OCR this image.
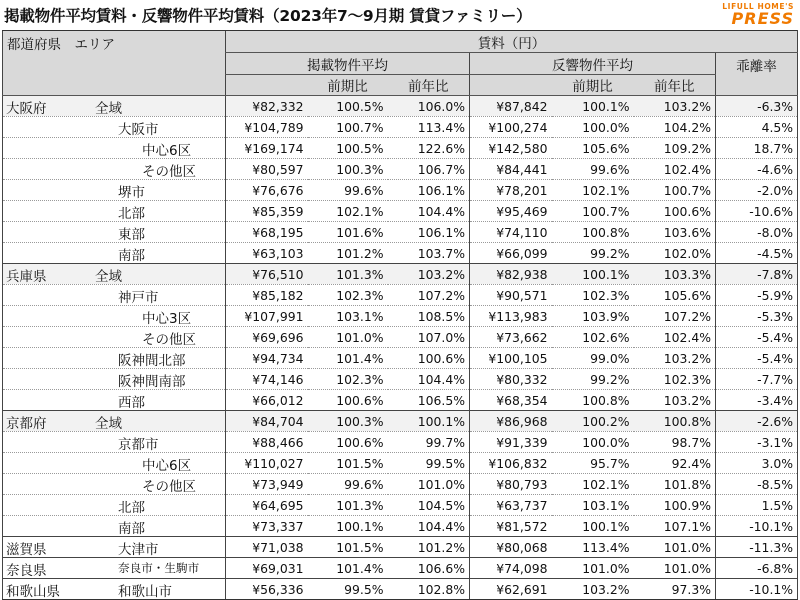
掲載物件平均賃料・反響物件平均賃料（2023年7～9月期 賃貸ファミリー）
LIFULL HOME'S
PRESS
都道府県　エリア	賃料（円）						
	掲載物件平均			反響物件平均			乖離率
		前期比	前年比		前期比	前年比	

大阪府 全域	¥82,332	100.5%	106.0%	¥87,842	100.1%	103.2%	-6.3%

大阪市	¥104,789	100.7%	113.4%	¥100,274	100.0%	104.2%	4.5%

中心6区	¥169,174	100.5%	122.6%	¥142,580	105.6%	109.2%	18.7%

その他区	¥80,597	100.3%	106.7%	¥84,441	99.6%	102.4%	-4.6%

堺市	¥76,676	99.6%	106.1%	¥78,201	102.1%	100.7%	-2.0%

北部	¥85,359	102.1%	104.4%	¥95,469	100.7%	100.6%	-10.6%

東部	¥68,195	101.6%	106.1%	¥74,110	100.8%	103.6%	-8.0%

南部	¥63,103	101.2%	103.7%	¥66,099	99.2%	102.0%	-4.5%

兵庫県 全域	¥76,510	101.3%	103.2%	¥82,938	100.1%	103.3%	-7.8%

神戸市	¥85,182	102.3%	107.2%	¥90,571	102.3%	105.6%	-5.9%

中心3区	¥107,991	103.1%	108.5%	¥113,983	103.9%	107.2%	-5.3%

その他区	¥69,696	101.0%	107.0%	¥73,662	102.6%	102.4%	-5.4%

阪神間北部	¥94,734	101.4%	100.6%	¥100,105	99.0%	103.2%	-5.4%

阪神間南部	¥74,146	102.3%	104.4%	¥80,332	99.2%	102.3%	-7.7%

西部	¥66,012	100.6%	106.5%	¥68,354	100.8%	103.2%	-3.4%

京都府 全域	¥84,704	100.3%	100.1%	¥86,968	100.2%	100.8%	-2.6%

京都市	¥88,466	100.6%	99.7%	¥91,339	100.0%	98.7%	-3.1%

中心6区	¥110,027	101.5%	99.5%	¥106,832	95.7%	92.4%	3.0%

その他区	¥73,949	99.6%	101.0%	¥80,793	102.1%	101.8%	-8.5%

北部	¥64,695	101.3%	104.5%	¥63,737	103.1%	100.9%	1.5%

南部	¥73,337	100.1%	104.4%	¥81,572	100.1%	107.1%	-10.1%

滋賀県 大津市	¥71,038	101.5%	101.2%	¥80,068	113.4%	101.0%	-11.3%

奈良県 奈良市・生駒市	¥69,031	101.4%	106.6%	¥74,098	101.0%	101.0%	-6.8%

和歌山県 和歌山市	¥56,336	99.5%	102.8%	¥62,691	103.2%	97.3%	-10.1%
